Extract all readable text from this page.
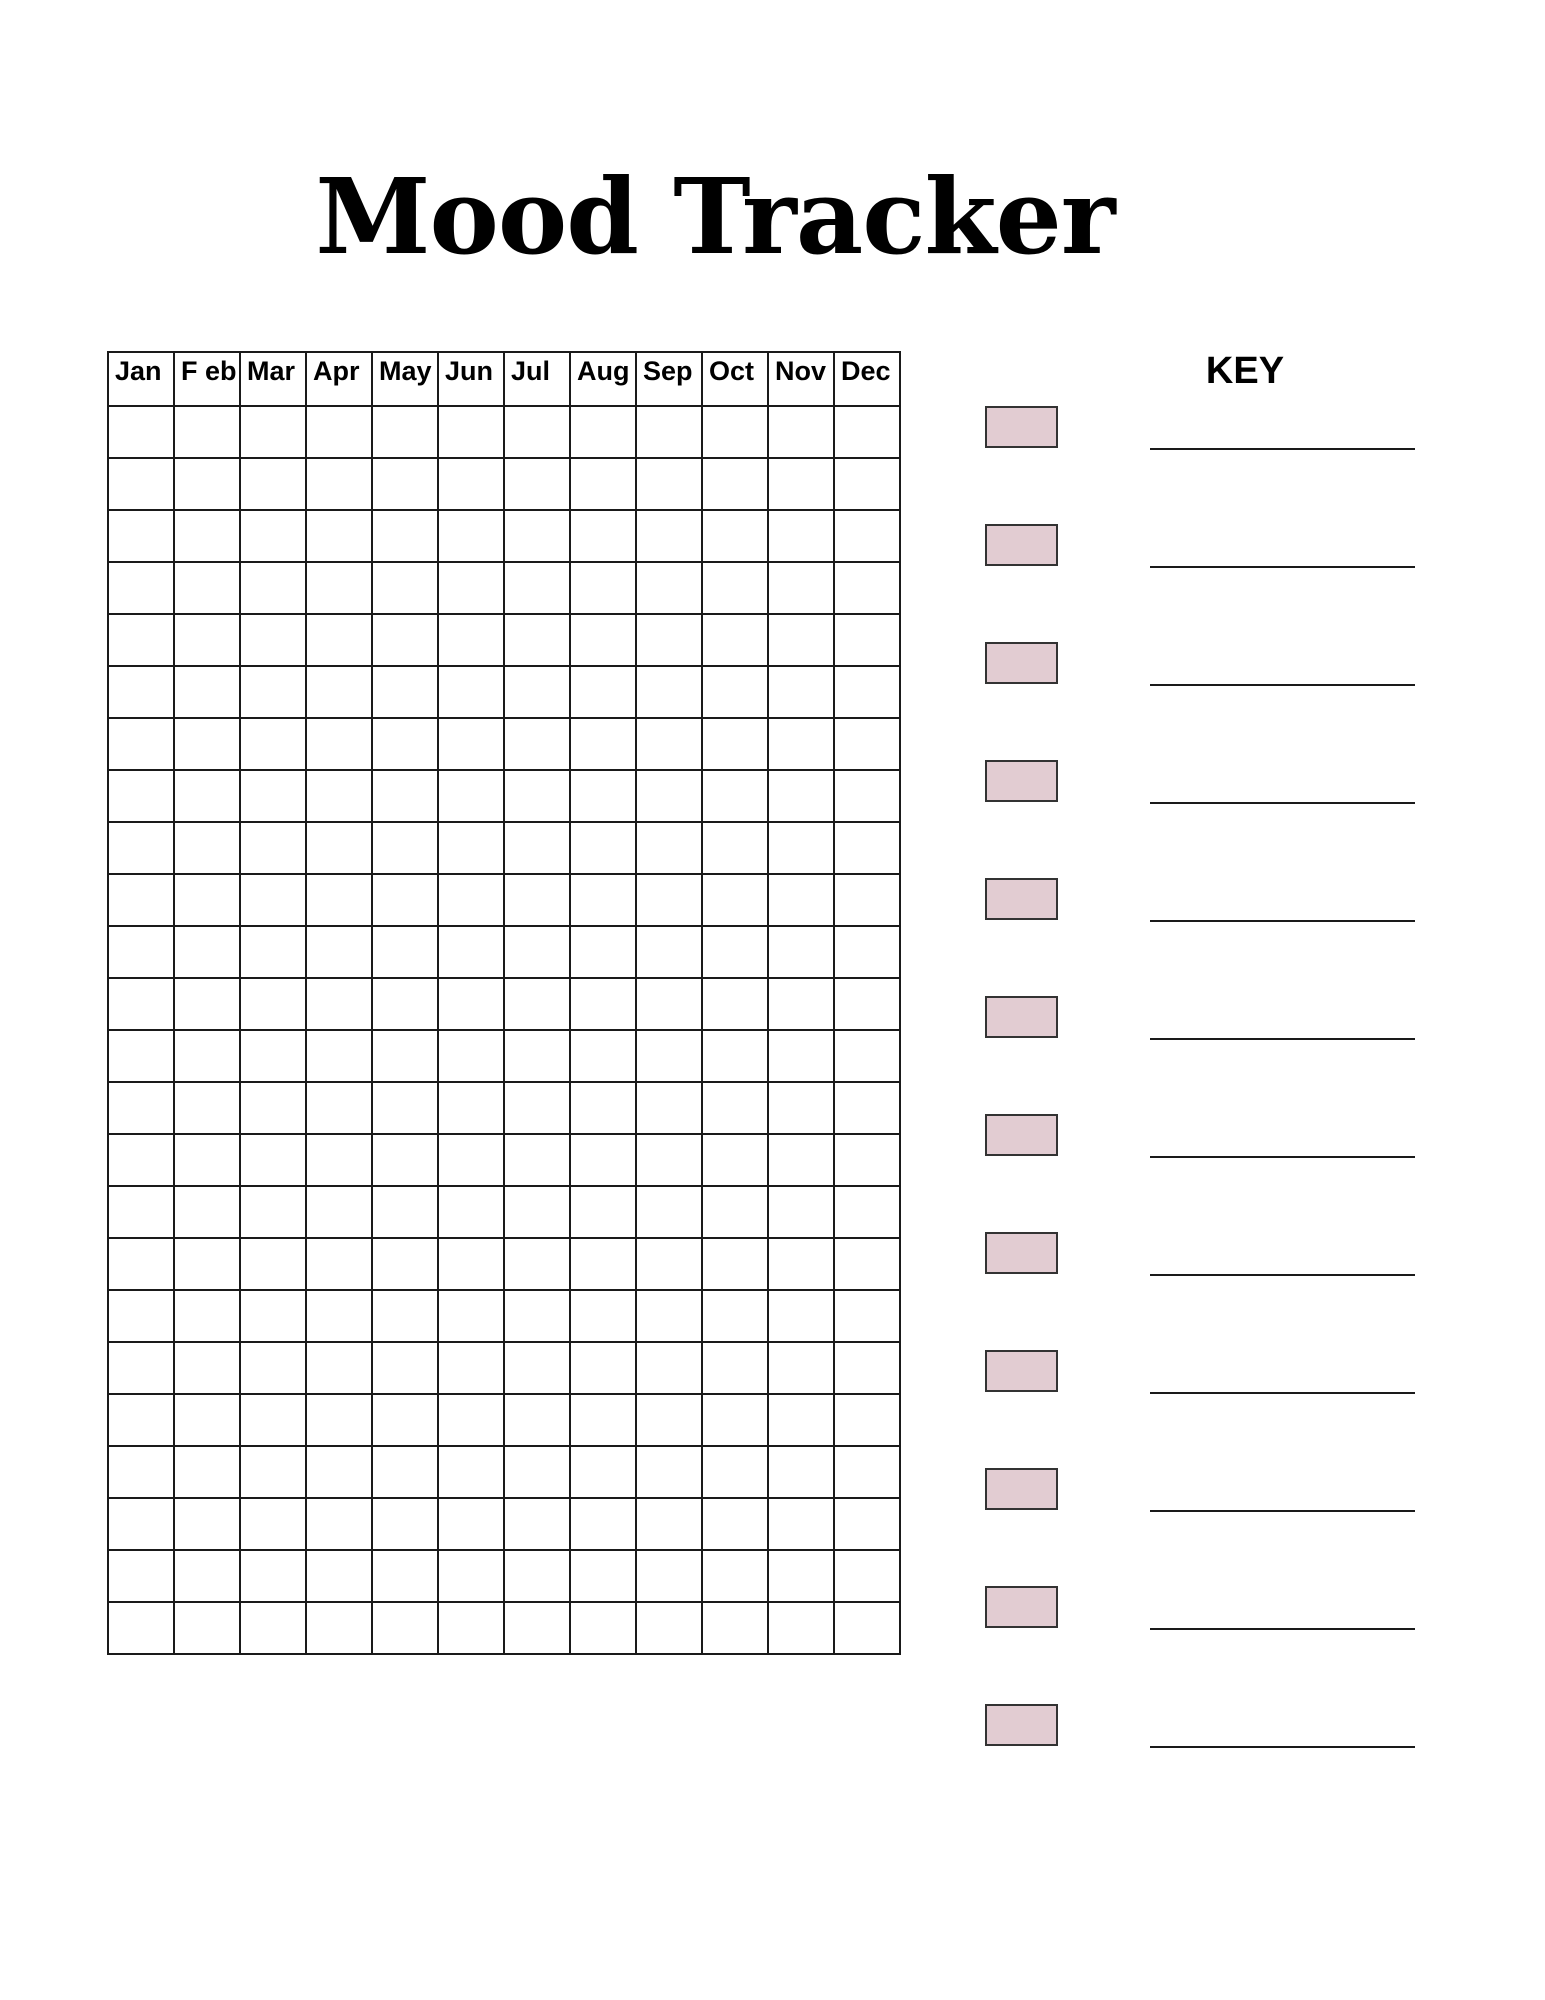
Mood Tracker
Jan	F eb	Mar	Apr	May	Jun	Jul	Aug	Sep	Oct	Nov	Dec

												KEY
